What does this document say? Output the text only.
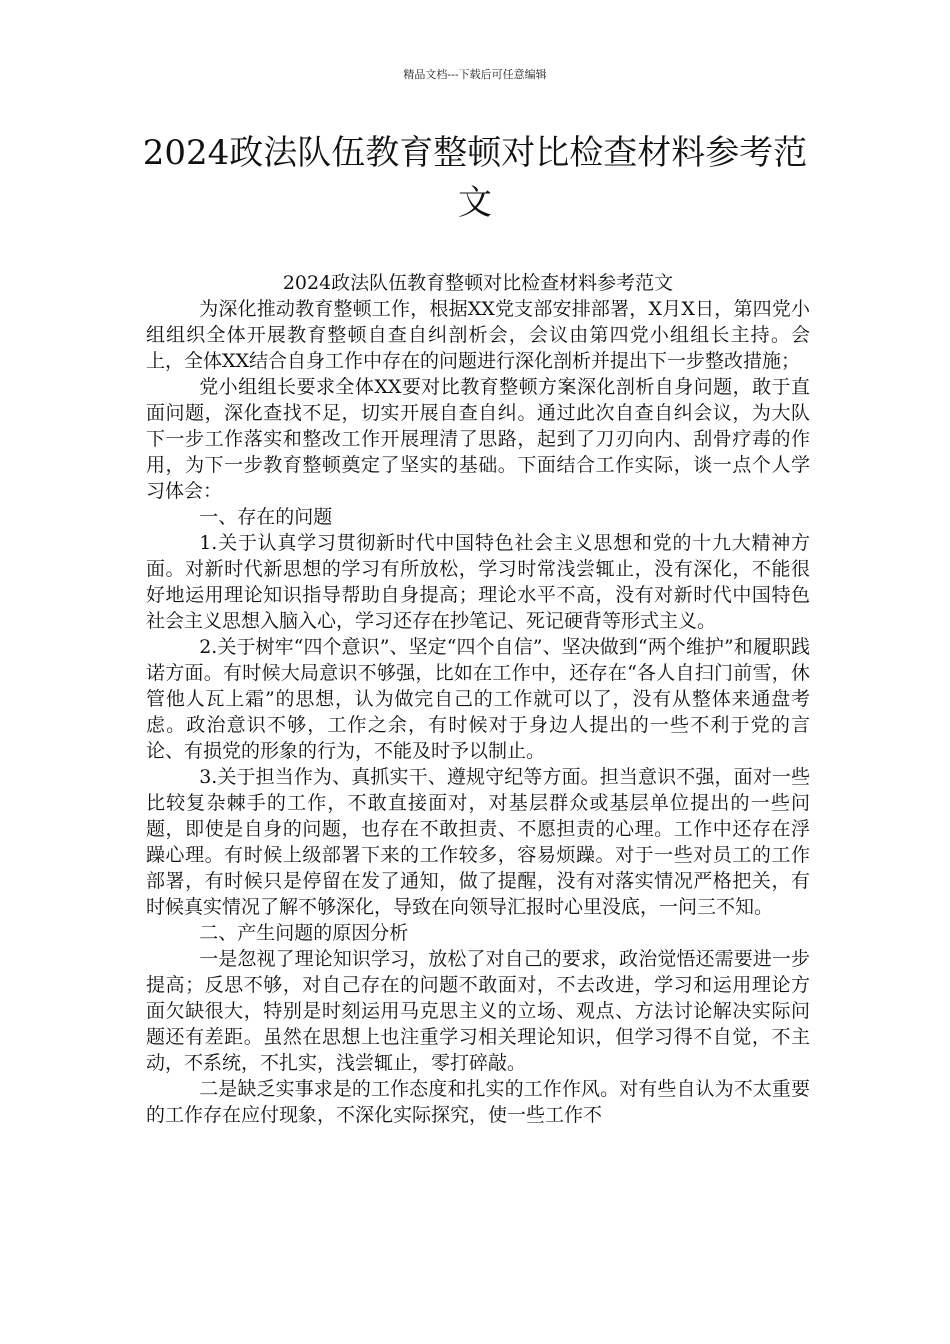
精品文档---下载后可任意编辑
2024政法队伍教育整顿对比检查材料参考范文

2024政法队伍教育整顿对比检查材料参考范文

为深化推动教育整顿工作，根据XX党支部安排部署，X月X日，第四党小组组织全体开展教育整顿自查自纠剖析会，会议由第四党小组组长主持。会上，全体XX结合自身工作中存在的问题进行深化剖析并提出下一步整改措施；

党小组组长要求全体XX要对比教育整顿方案深化剖析自身问题，敢于直面问题，深化查找不足，切实开展自查自纠。通过此次自查自纠会议，为大队下一步工作落实和整改工作开展理清了思路，起到了刀刃向内、刮骨疗毒的作用，为下一步教育整顿奠定了坚实的基础。下面结合工作实际，谈一点个人学习体会：

一、存在的问题

1.关于认真学习贯彻新时代中国特色社会主义思想和党的十九大精神方面。对新时代新思想的学习有所放松，学习时常浅尝辄止，没有深化，不能很好地运用理论知识指导帮助自身提高；理论水平不高，没有对新时代中国特色社会主义思想入脑入心，学习还存在抄笔记、死记硬背等形式主义。

2.关于树牢“四个意识”、坚定“四个自信”、坚决做到“两个维护”和履职践诺方面。有时候大局意识不够强，比如在工作中，还存在“各人自扫门前雪，休管他人瓦上霜”的思想，认为做完自己的工作就可以了，没有从整体来通盘考虑。政治意识不够，工作之余，有时候对于身边人提出的一些不利于党的言论、有损党的形象的行为，不能及时予以制止。

3.关于担当作为、真抓实干、遵规守纪等方面。担当意识不强，面对一些比较复杂棘手的工作，不敢直接面对，对基层群众或基层单位提出的一些问题，即使是自身的问题，也存在不敢担责、不愿担责的心理。工作中还存在浮躁心理。有时候上级部署下来的工作较多，容易烦躁。对于一些对员工的工作部署，有时候只是停留在发了通知，做了提醒，没有对落实情况严格把关，有时候真实情况了解不够深化，导致在向领导汇报时心里没底，一问三不知。

二、产生问题的原因分析

一是忽视了理论知识学习，放松了对自己的要求，政治觉悟还需要进一步提高；反思不够，对自己存在的问题不敢面对，不去改进，学习和运用理论方面欠缺很大，特别是时刻运用马克思主义的立场、观点、方法讨论解决实际问题还有差距。虽然在思想上也注重学习相关理论知识，但学习得不自觉，不主动，不系统，不扎实，浅尝辄止，零打碎敲。

二是缺乏实事求是的工作态度和扎实的工作作风。对有些自认为不太重要的工作存在应付现象，不深化实际探究，使一些工作不
